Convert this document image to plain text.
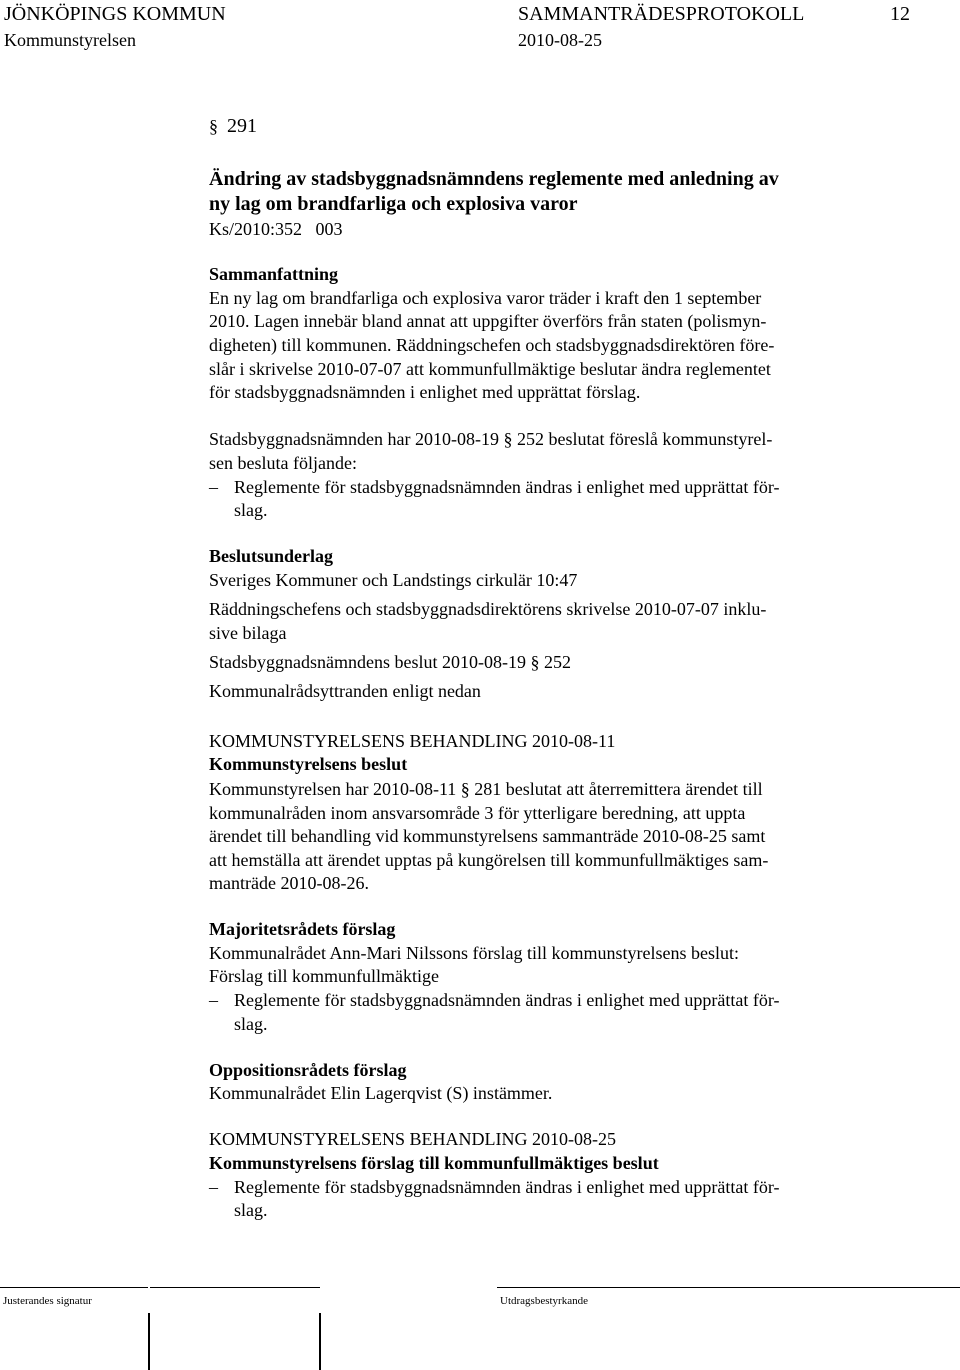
JÖNKÖPINGS KOMMUN	SAMMANTRÄDESPROTOKOLL	12
Kommunstyrelsen	2010-08-25
§ 291
Ändring av stadsbyggnadsnämndens reglemente med anledning av
ny lag om brandfarliga och explosiva varor
Ks/2010:352   003
Sammanfattning
En ny lag om brandfarliga och explosiva varor träder i kraft den 1 september
2010. Lagen innebär bland annat att uppgifter överförs från staten (polismyn-
digheten) till kommunen. Räddningschefen och stadsbyggnadsdirektören före-
slår i skrivelse 2010-07-07 att kommunfullmäktige beslutar ändra reglementet
för stadsbyggnadsnämnden i enlighet med upprättat förslag.
Stadsbyggnadsnämnden har 2010-08-19 § 252 beslutat föreslå kommunstyrel-
sen besluta följande:
– Reglemente för stadsbyggnadsnämnden ändras i enlighet med upprättat för-
slag.
Beslutsunderlag
Sveriges Kommuner och Landstings cirkulär 10:47
Räddningschefens och stadsbyggnadsdirektörens skrivelse 2010-07-07 inklu-
sive bilaga
Stadsbyggnadsnämndens beslut 2010-08-19 § 252
Kommunalrådsyttranden enligt nedan
KOMMUNSTYRELSENS BEHANDLING 2010-08-11
Kommunstyrelsens beslut
Kommunstyrelsen har 2010-08-11 § 281 beslutat att återremittera ärendet till
kommunalråden inom ansvarsområde 3 för ytterligare beredning, att uppta
ärendet till behandling vid kommunstyrelsens sammanträde 2010-08-25 samt
att hemställa att ärendet upptas på kungörelsen till kommunfullmäktiges sam-
manträde 2010-08-26.
Majoritetsrådets förslag
Kommunalrådet Ann-Mari Nilssons förslag till kommunstyrelsens beslut:
Förslag till kommunfullmäktige
– Reglemente för stadsbyggnadsnämnden ändras i enlighet med upprättat för-
slag.
Oppositionsrådets förslag
Kommunalrådet Elin Lagerqvist (S) instämmer.
KOMMUNSTYRELSENS BEHANDLING 2010-08-25
Kommunstyrelsens förslag till kommunfullmäktiges beslut
– Reglemente för stadsbyggnadsnämnden ändras i enlighet med upprättat för-
slag.
Justerandes signatur	Utdragsbestyrkande
